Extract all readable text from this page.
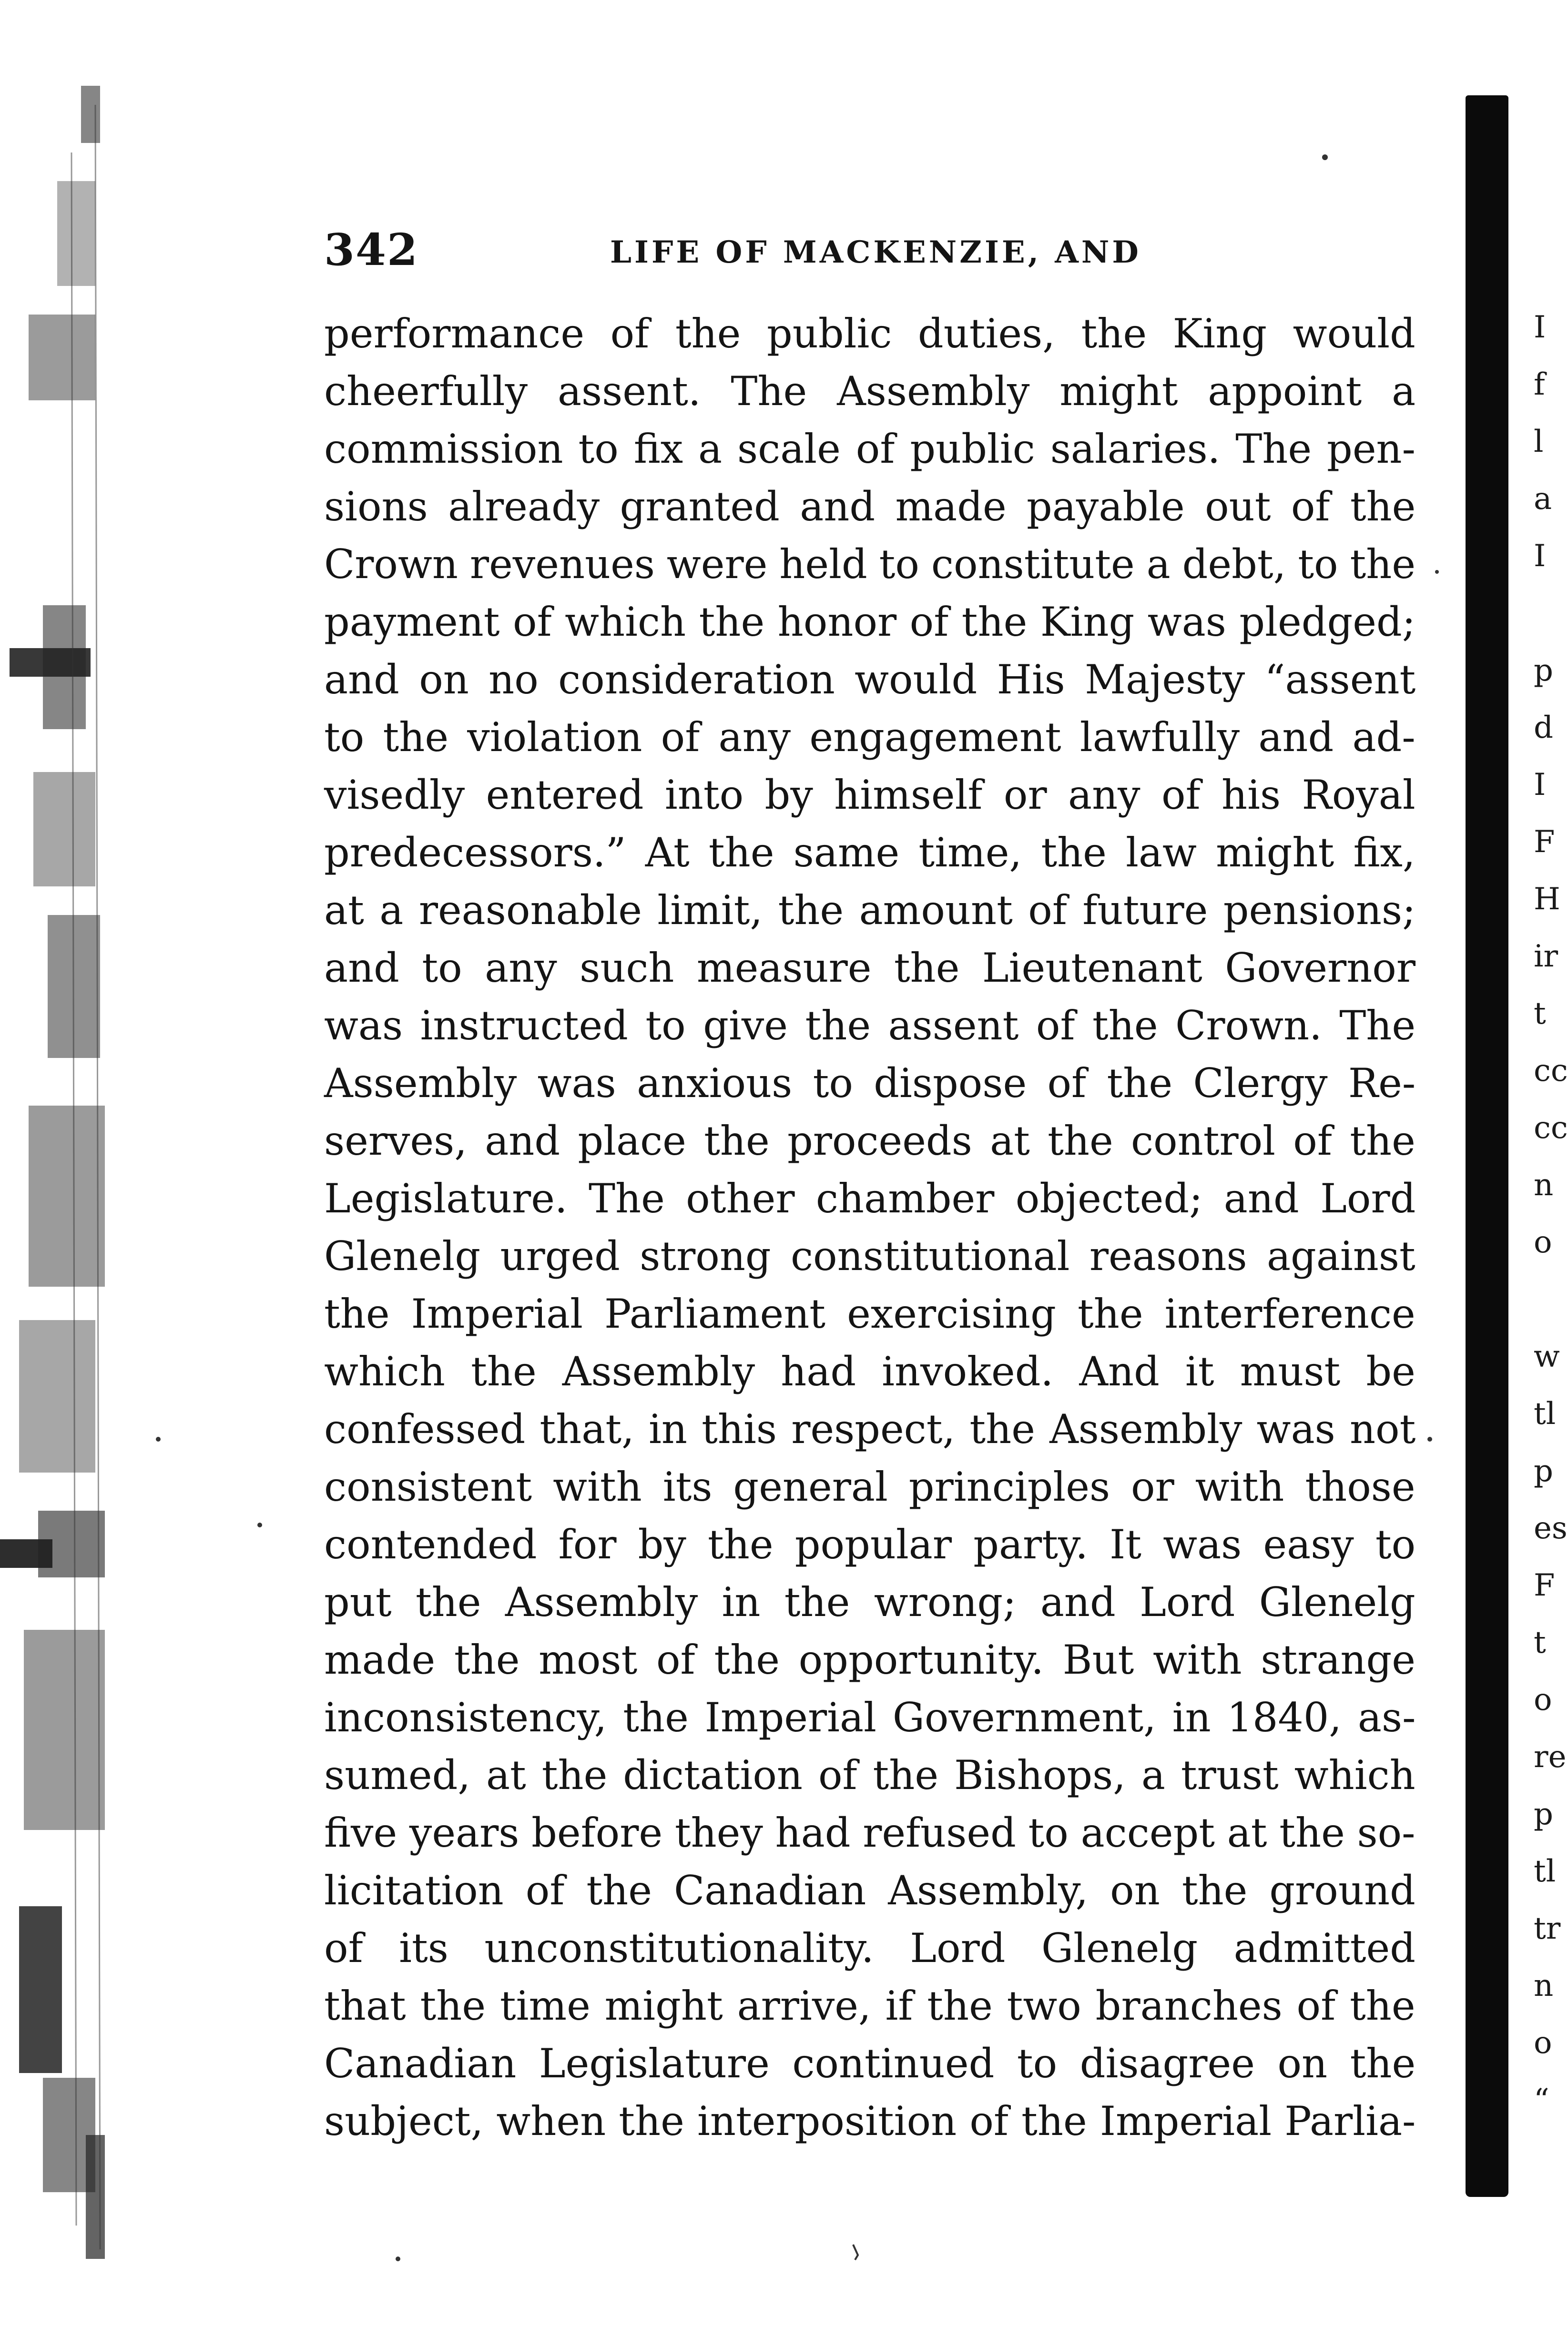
I
f
l
a
I
p
d
I
F
H
ir
t
cc
cc
n
o
w
tl
p
es
F
t
o
re
p
tl
tr
n
o
“
342	LIFE OF MACKENZIE, AND
performance of the public duties, the King would
cheerfully assent. The Assembly might appoint a
commission to fix a scale of public salaries. The pen-
sions already granted and made payable out of the
Crown revenues were held to constitute a debt, to the
payment of which the honor of the King was pledged;
and on no consideration would His Majesty “assent
to the violation of any engagement lawfully and ad-
visedly entered into by himself or any of his Royal
predecessors.” At the same time, the law might fix,
at a reasonable limit, the amount of future pensions;
and to any such measure the Lieutenant Governor
was instructed to give the assent of the Crown. The
Assembly was anxious to dispose of the Clergy Re-
serves, and place the proceeds at the control of the
Legislature. The other chamber objected; and Lord
Glenelg urged strong constitutional reasons against
the Imperial Parliament exercising the interference
which the Assembly had invoked. And it must be
confessed that, in this respect, the Assembly was not
consistent with its general principles or with those
contended for by the popular party. It was easy to
put the Assembly in the wrong; and Lord Glenelg
made the most of the opportunity. But with strange
inconsistency, the Imperial Government, in 1840, as-
sumed, at the dictation of the Bishops, a trust which
five years before they had refused to accept at the so-
licitation of the Canadian Assembly, on the ground
of its unconstitutionality. Lord Glenelg admitted
that the time might arrive, if the two branches of the
Canadian Legislature continued to disagree on the
subject, when the interposition of the Imperial Parlia-
